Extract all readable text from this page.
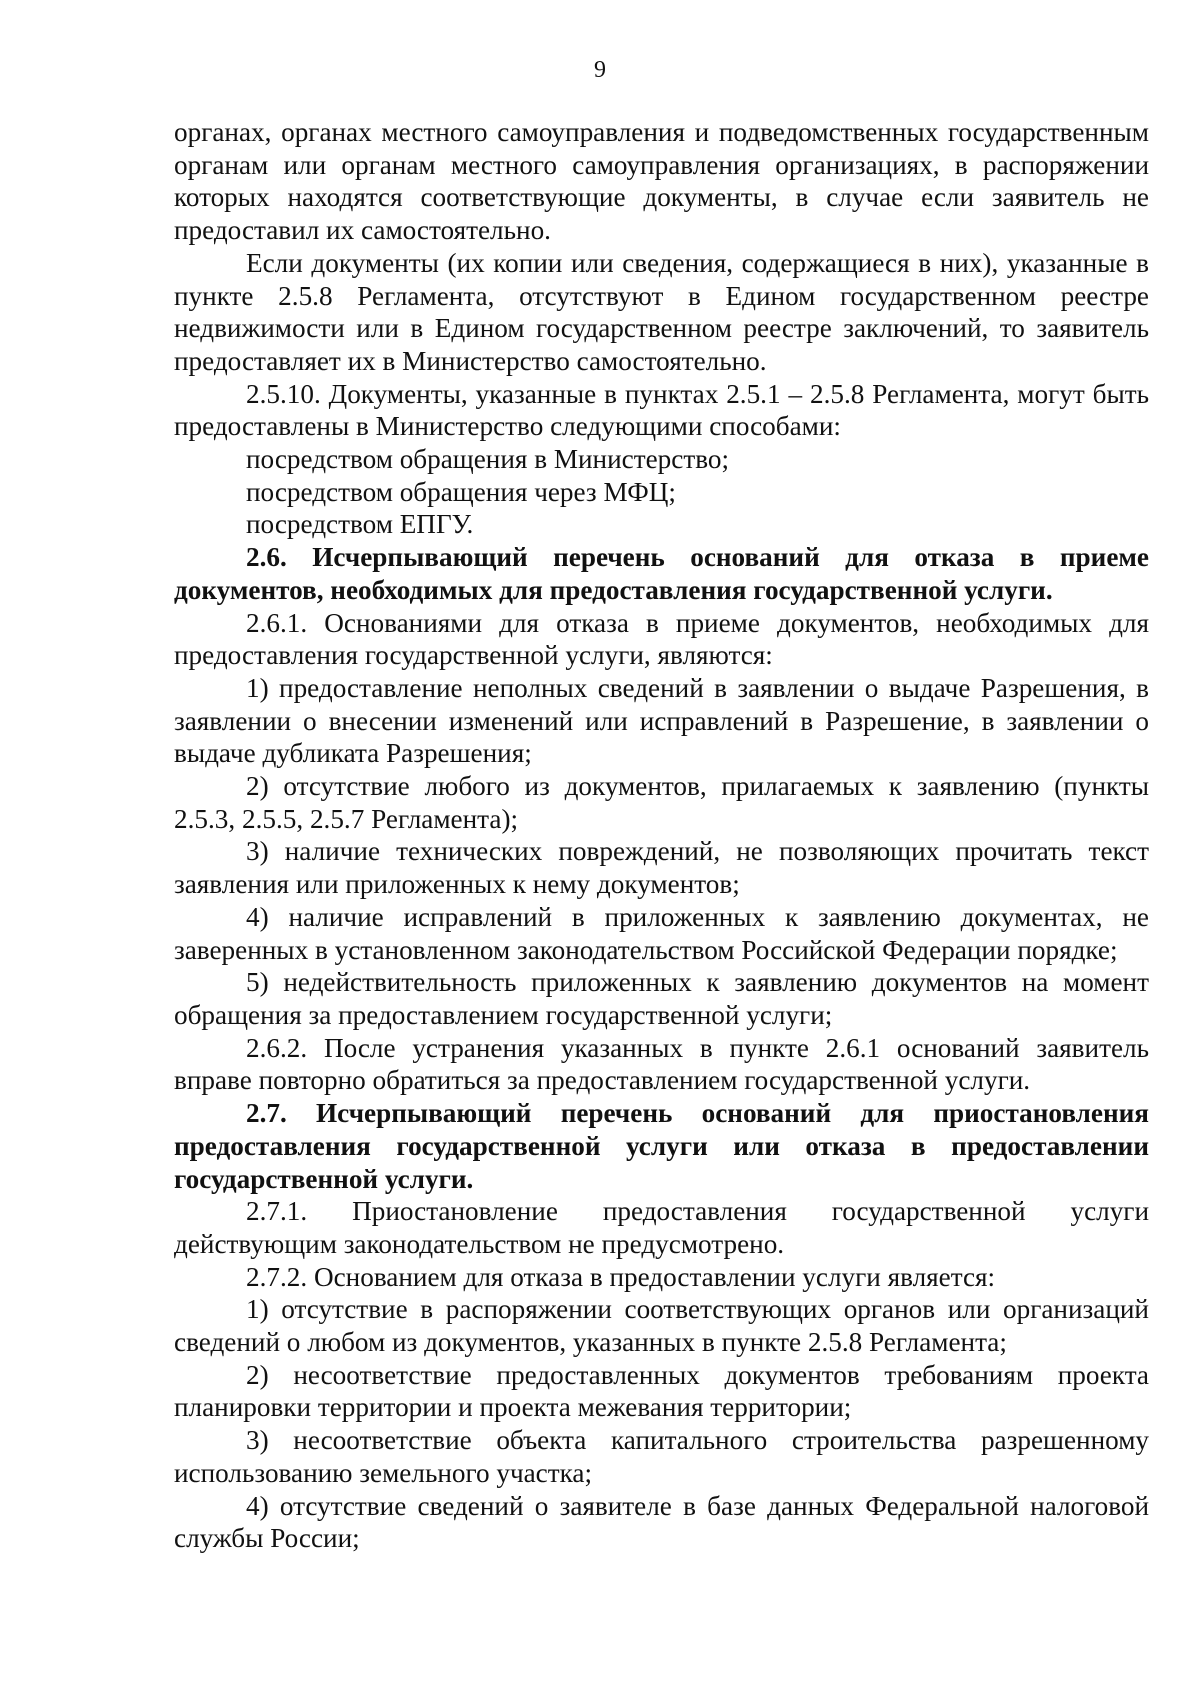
9

органах, органах местного самоуправления и подведомственных государственным органам или органам местного самоуправления организациях, в распоряжении которых находятся соответствующие документы, в случае если заявитель не предоставил их самостоятельно.

Если документы (их копии или сведения, содержащиеся в них), указанные в пункте 2.5.8 Регламента, отсутствуют в Едином государственном реестре недвижимости или в Едином государственном реестре заключений, то заявитель предоставляет их в Министерство самостоятельно.

2.5.10. Документы, указанные в пунктах 2.5.1 – 2.5.8 Регламента, могут быть предоставлены в Министерство следующими способами:

посредством обращения в Министерство;

посредством обращения через МФЦ;

посредством ЕПГУ.

2.6. Исчерпывающий перечень оснований для отказа в приеме документов, необходимых для предоставления государственной услуги.

2.6.1. Основаниями для отказа в приеме документов, необходимых для предоставления государственной услуги, являются:

1) предоставление неполных сведений в заявлении о выдаче Разрешения, в заявлении о внесении изменений или исправлений в Разрешение, в заявлении о выдаче дубликата Разрешения;

2) отсутствие любого из документов, прилагаемых к заявлению (пункты 2.5.3, 2.5.5, 2.5.7 Регламента);

3) наличие технических повреждений, не позволяющих прочитать текст заявления или приложенных к нему документов;

4) наличие исправлений в приложенных к заявлению документах, не заверенных в установленном законодательством Российской Федерации порядке;

5) недействительность приложенных к заявлению документов на момент обращения за предоставлением государственной услуги;

2.6.2. После устранения указанных в пункте 2.6.1 оснований заявитель вправе повторно обратиться за предоставлением государственной услуги.

2.7. Исчерпывающий перечень оснований для приостановления предоставления государственной услуги или отказа в предоставлении государственной услуги.

2.7.1. Приостановление предоставления государственной услуги действующим законодательством не предусмотрено.

2.7.2. Основанием для отказа в предоставлении услуги является:

1) отсутствие в распоряжении соответствующих органов или организаций сведений о любом из документов, указанных в пункте 2.5.8 Регламента;

2) несоответствие предоставленных документов требованиям проекта планировки территории и проекта межевания территории;

3) несоответствие объекта капитального строительства разрешенному использованию земельного участка;

4) отсутствие сведений о заявителе в базе данных Федеральной налоговой службы России;
